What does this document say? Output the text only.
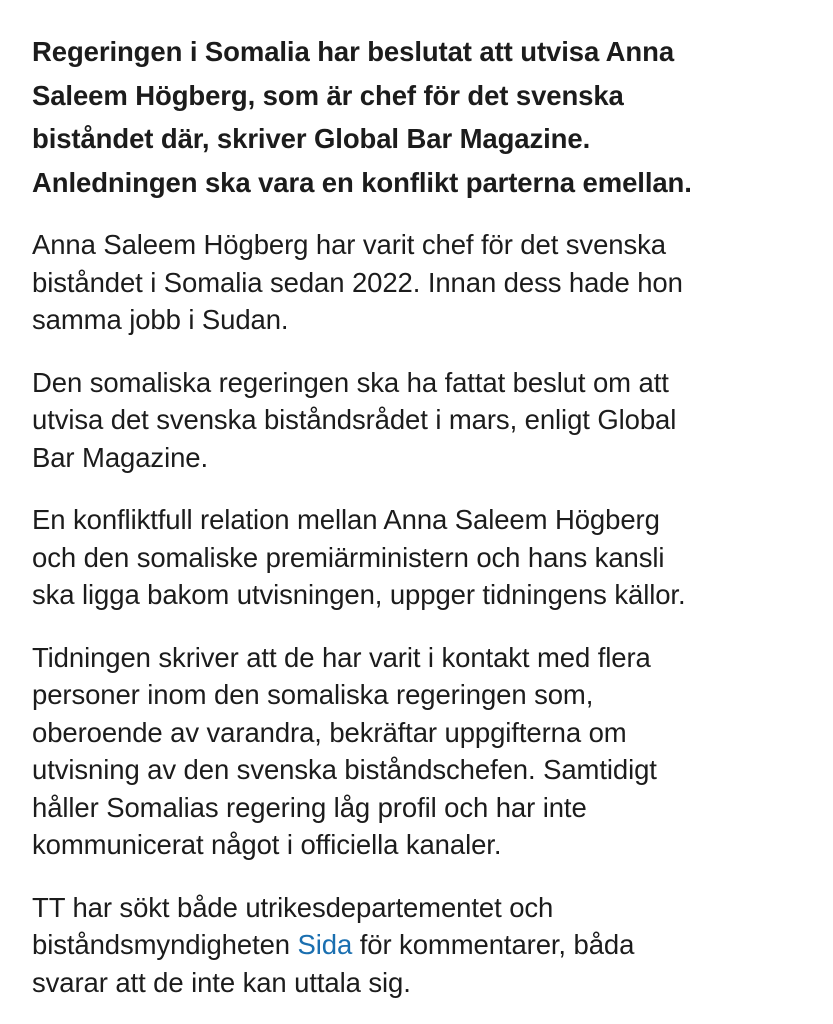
Regeringen i Somalia har beslutat att utvisa Anna
Saleem Högberg, som är chef för det svenska
biståndet där, skriver Global Bar Magazine.
Anledningen ska vara en konflikt parterna emellan.

Anna Saleem Högberg har varit chef för det svenska
biståndet i Somalia sedan 2022. Innan dess hade hon
samma jobb i Sudan.

Den somaliska regeringen ska ha fattat beslut om att
utvisa det svenska biståndsrådet i mars, enligt Global
Bar Magazine.

En konfliktfull relation mellan Anna Saleem Högberg
och den somaliske premiärministern och hans kansli
ska ligga bakom utvisningen, uppger tidningens källor.

Tidningen skriver att de har varit i kontakt med flera
personer inom den somaliska regeringen som,
oberoende av varandra, bekräftar uppgifterna om
utvisning av den svenska biståndschefen. Samtidigt
håller Somalias regering låg profil och har inte
kommunicerat något i officiella kanaler.

TT har sökt både utrikesdepartementet och
biståndsmyndigheten Sida för kommentarer, båda
svarar att de inte kan uttala sig.
